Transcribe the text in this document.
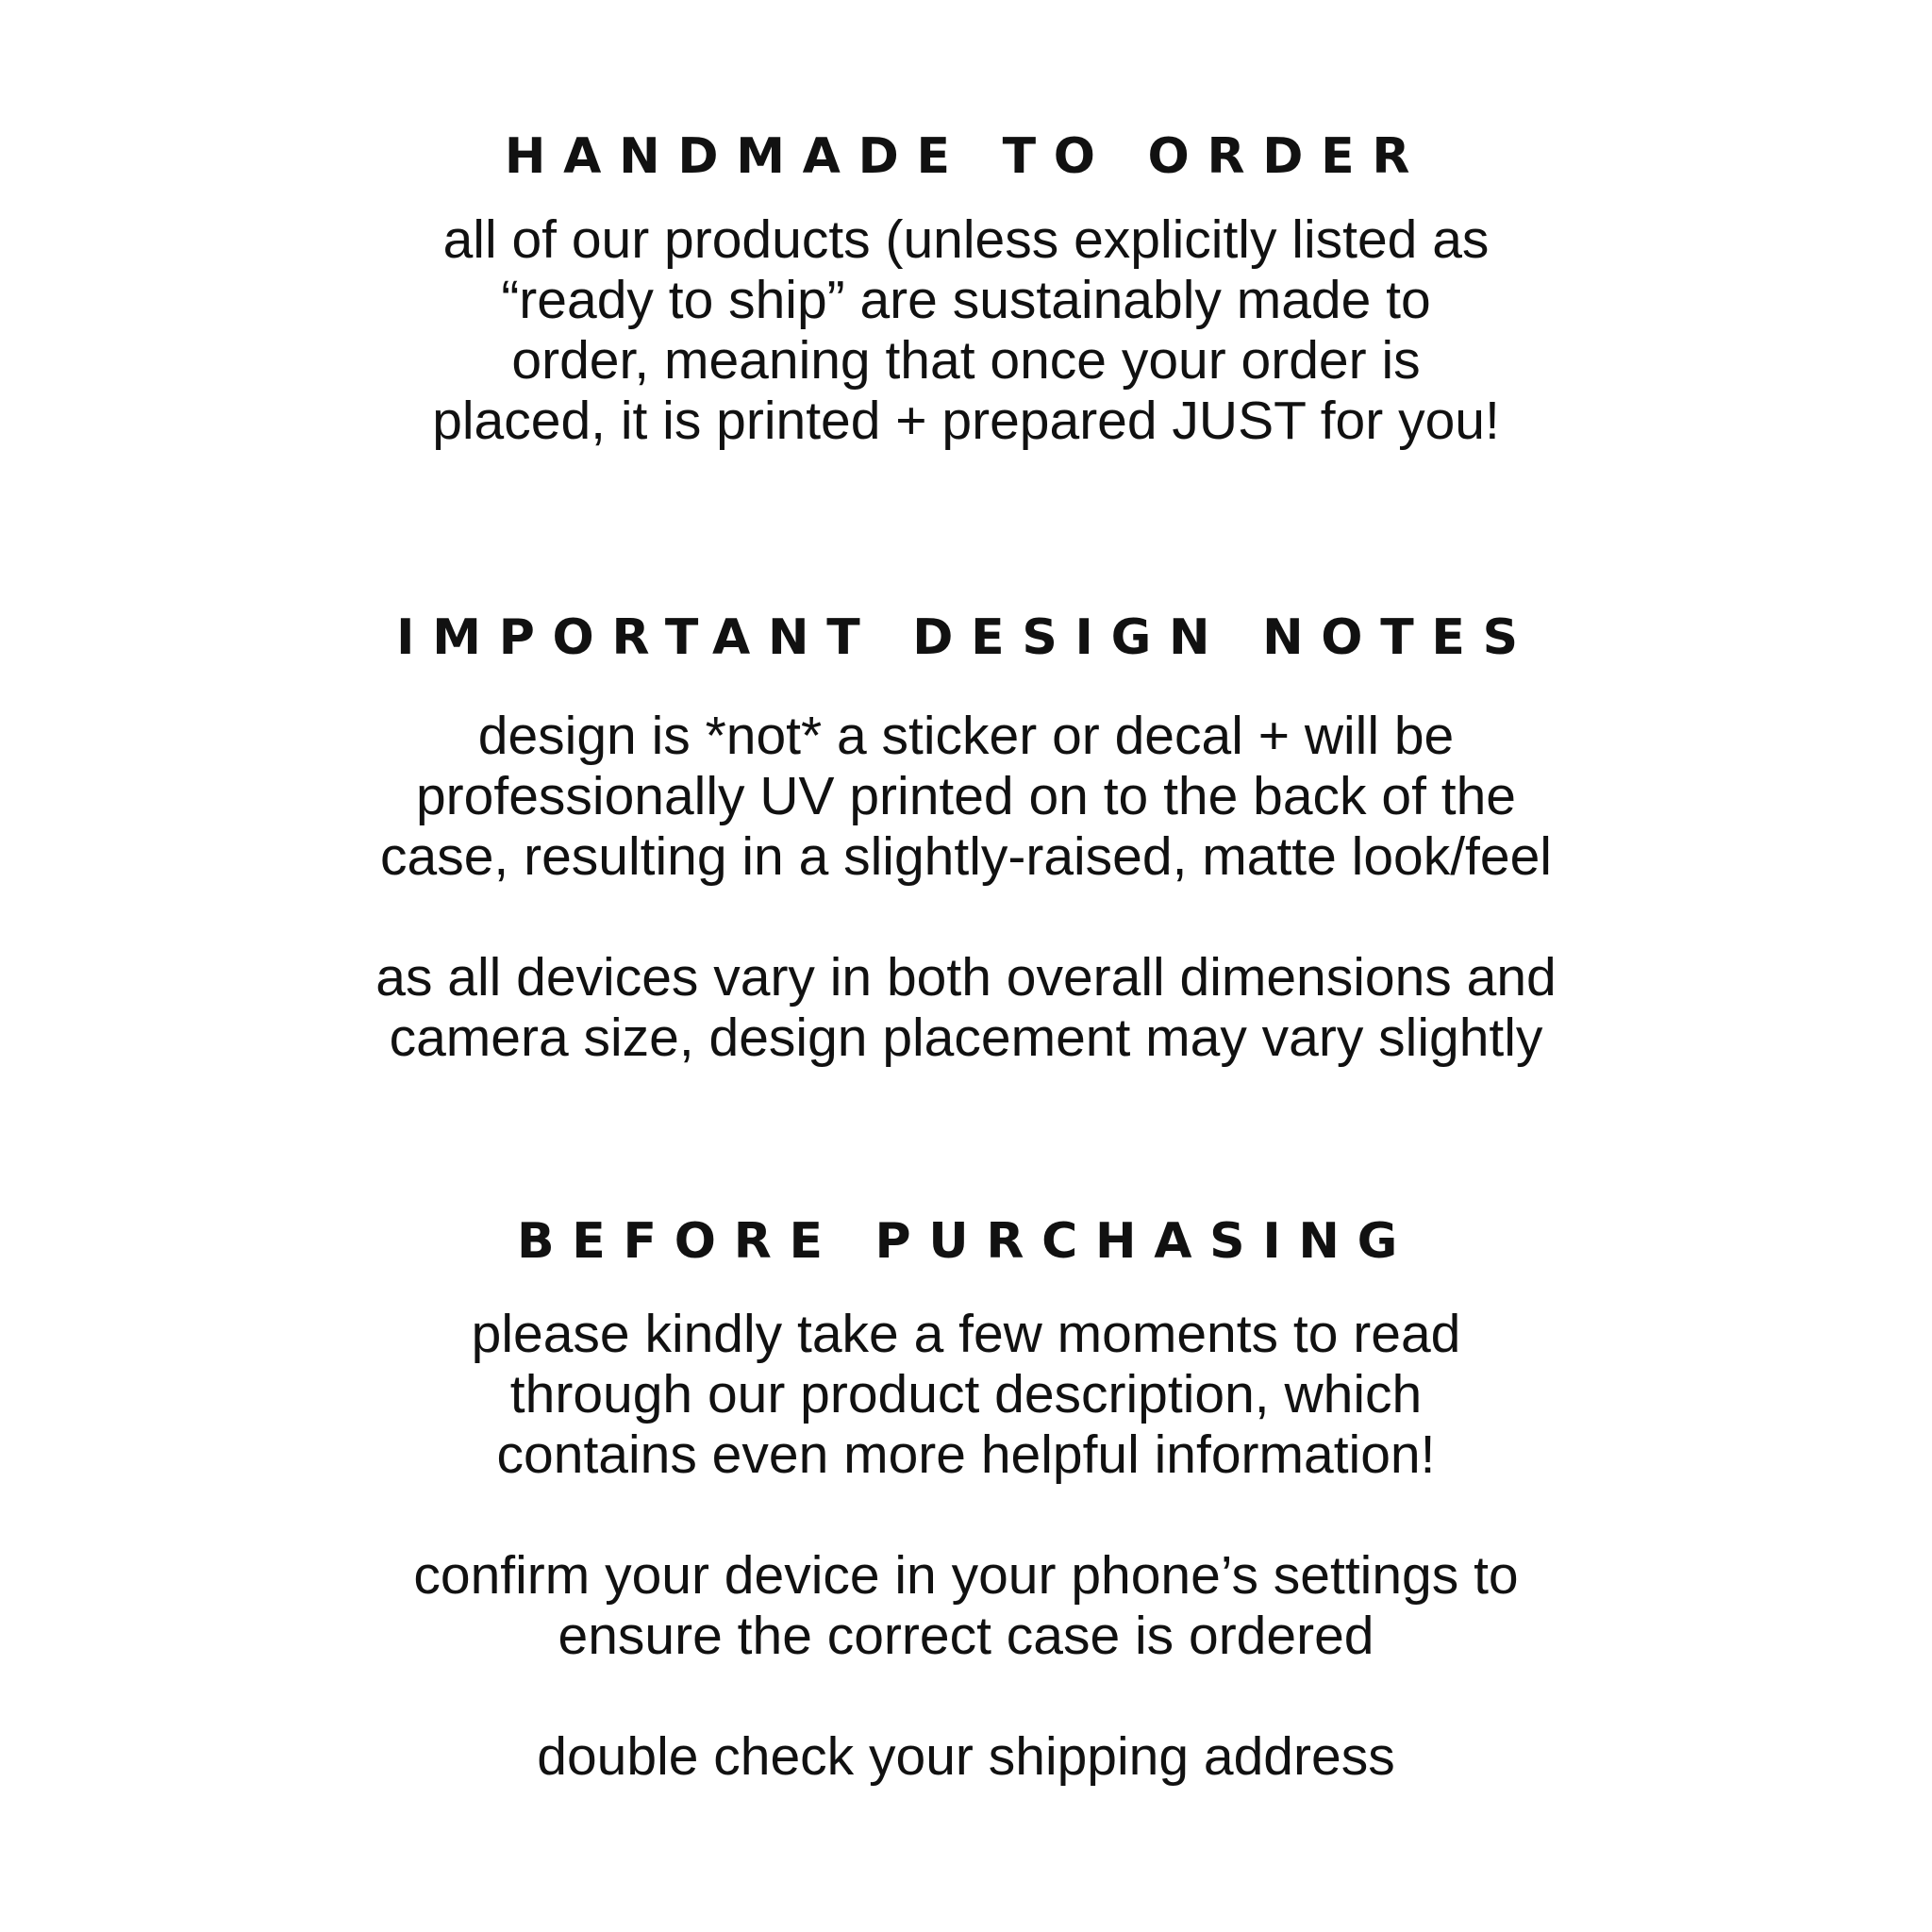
HANDMADE TO ORDER

all of our products (unless explicitly listed as
“ready to ship” are sustainably made to
order, meaning that once your order is
placed, it is printed + prepared JUST for you!

IMPORTANT DESIGN NOTES

design is *not* a sticker or decal + will be
professionally UV printed on to the back of the
case, resulting in a slightly-raised, matte look/feel

as all devices vary in both overall dimensions and
camera size, design placement may vary slightly

BEFORE PURCHASING

please kindly take a few moments to read
through our product description, which
contains even more helpful information!

confirm your device in your phone’s settings to
ensure the correct case is ordered

double check your shipping address
